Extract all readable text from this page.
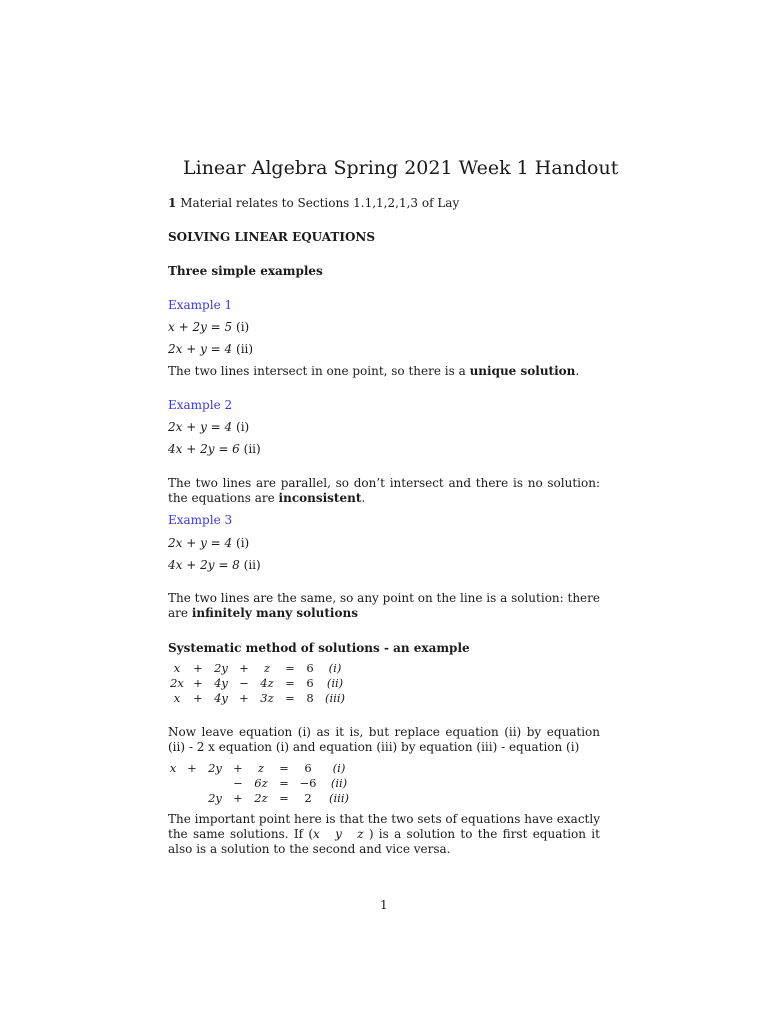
Linear Algebra Spring 2021 Week 1 Handout
1 Material relates to Sections 1.1,1,2,1,3 of Lay
SOLVING LINEAR EQUATIONS
Three simple examples
Example 1
x + 2y = 5 (i)
2x + y = 4 (ii)
The two lines intersect in one point, so there is a unique solution.
Example 2
2x + y = 4 (i)
4x + 2y = 6 (ii)
The two lines are parallel, so don’t intersect and there is no solution: the equations are inconsistent.
Example 3
2x + y = 4 (i)
4x + 2y = 8 (ii)
The two lines are the same, so any point on the line is a solution: there are infinitely many solutions
Systematic method of solutions - an example
x	+	2y	+	z	=	6	(i)
2x	+	4y	−	4z	=	6	(ii)
x	+	4y	+	3z	=	8	(iii)
Now leave equation (i) as it is, but replace equation (ii) by equation (ii) - 2 x equation (i) and equation (iii) by equation (iii) - equation (i)
x	+	2y	+	z	=	6	(i)
			−	6z	=	−6	(ii)
		2y	+	2z	=	2	(iii)
The important point here is that the two sets of equations have exactly the same solutions. If (x y z ) is a solution to the first equation it also is a solution to the second and vice versa.
1
